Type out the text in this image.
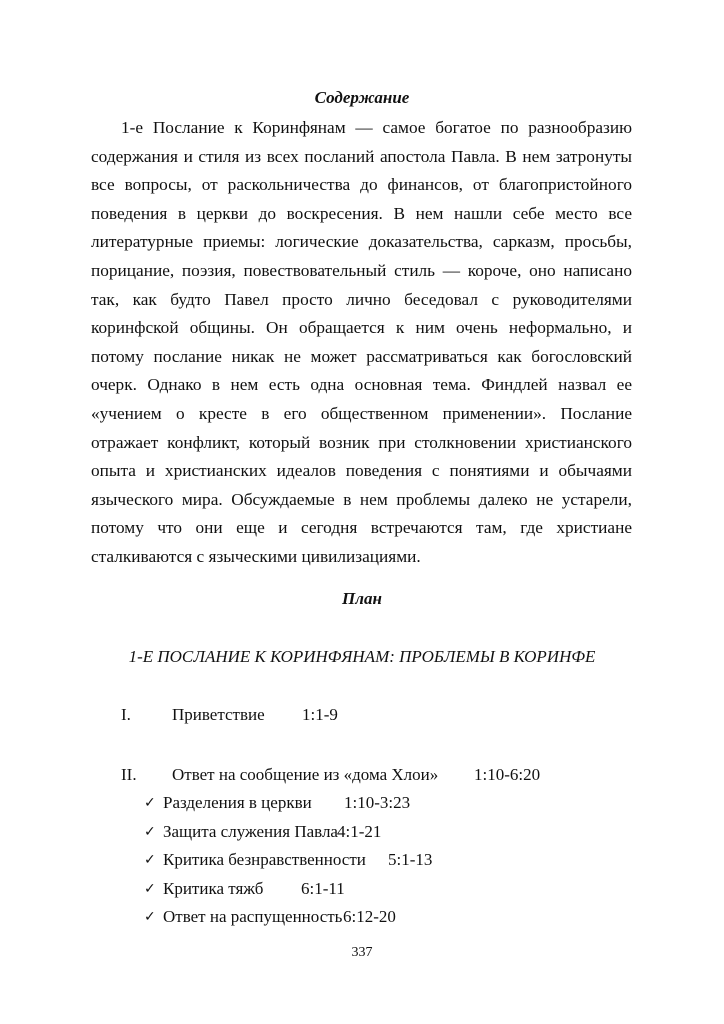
Содержание

1-е Послание к Коринфянам — самое богатое по разнообразию содержания и стиля из всех посланий апостола Павла. В нем затронуты все вопросы, от раскольничества до финансов, от благопристойного поведения в церкви до воскресения. В нем нашли себе место все литературные приемы: логические доказательства, сарказм, просьбы, порицание, поэзия, повествовательный стиль — короче, оно написано так, как будто Павел просто лично беседовал с руководителями коринфской общины. Он обращается к ним очень неформально, и потому послание никак не может рассматриваться как богословский очерк. Однако в нем есть одна основная тема. Финдлей назвал ее «учением о кресте в его общественном применении». Послание отражает конфликт, который возник при столкновении христианского опыта и христианских идеалов поведения с понятиями и обычаями языческого мира. Обсуждаемые в нем проблемы далеко не устарели, потому что они еще и сегодня встречаются там, где христиане сталкиваются с языческими цивилизациями.

План
1-Е ПОСЛАНИЕ К КОРИНФЯНАМ: ПРОБЛЕМЫ В КОРИНФЕ
I. Приветствие 1:1-9
II. Ответ на сообщение из «дома Хлои» 1:10-6:20
✓ Разделения в церкви 1:10-3:23
✓ Защита служения Павла 4:1-21
✓ Критика безнравственности 5:1-13
✓ Критика тяжб 6:1-11
✓ Ответ на распущенность 6:12-20
337
